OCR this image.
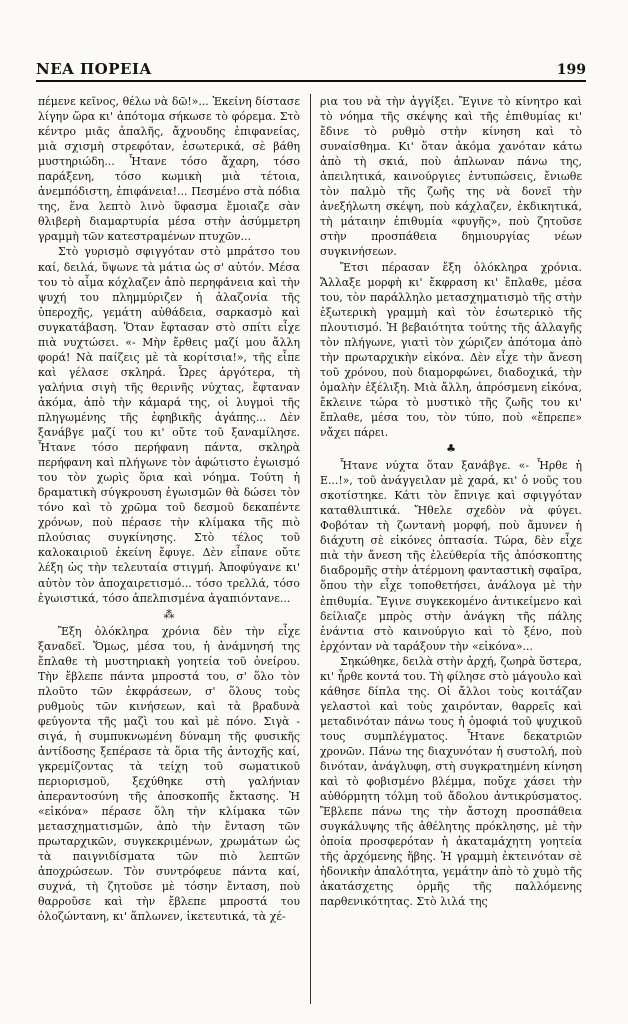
ΝΕΑ ΠΟΡΕΙΑ	199

πέμενε κεῖνος, θέλω νὰ δῶ!»... Ἐκείνη δίστασε λίγην ὥρα κι' ἀπότομα σήκωσε τὸ φόρεμα. Στὸ κέντρο μιᾶς ἀπαλῆς, ἄχνουδης ἐπιφανείας, μιὰ σχισμὴ στρεφόταν, ἐσωτερικά, σὲ βάθη μυστηριώδη... Ἦτανε τόσο ἄχαρη, τόσο παράξενη, τόσο κωμικὴ μιὰ τέτοια, ἀνεμπόδιστη, ἐπιφάνεια!... Πεσμένο στὰ πόδια της, ἕνα λεπτὸ λινὸ ὕφασμα ἔμοιαζε σὰν θλιβερὴ διαμαρτυρία μέσα στὴν ἀσύμμετρη γραμμὴ τῶν κατεστραμένων πτυχῶν...

Στὸ γυρισμὸ σφιγγόταν στὸ μπράτσο του καί, δειλά, ὕψωνε τὰ μάτια ὡς σ' αὐτόν. Μέσα του τὸ αἷμα κόχλαζεν ἀπὸ περηφάνεια καὶ τὴν ψυχή του πλημμύριζεν ἡ ἀλαζονία τῆς ὑπεροχῆς, γεμάτη αὐθάδεια, σαρκασμὸ καὶ συγκατάβαση. Ὅταν ἔφτασαν στὸ σπίτι εἶχε πιὰ νυχτώσει. «- Μὴν ἔρθεις μαζί μου ἄλλη φορά! Νὰ παίζεις μὲ τὰ κορίτσια!», τῆς εἶπε καὶ γέλασε σκληρά. Ὧρες ἀργότερα, τὴ γαλήνια σιγὴ τῆς θερινῆς νύχτας, ἔφταναν ἀκόμα, ἀπὸ τὴν κάμαρά της, οἱ λυγμοὶ τῆς πληγωμένης τῆς ἐφηβικῆς ἀγάπης... Δὲν ξανάβγε μαζί του κι' οὔτε τοῦ ξαναμίλησε. Ἦτανε τόσο περήφανη πάντα, σκληρὰ περήφανη καὶ πλήγωνε τὸν ἀφώτιστο ἐγωισμό του τὸν χωρὶς ὅρια καὶ νόημα. Τούτη ἡ δραματικὴ σύγκρουση ἐγωισμῶν θὰ δώσει τὸν τόνο καὶ τὸ χρῶμα τοῦ δεσμοῦ δεκαπέντε χρόνων, ποὺ πέρασε τὴν κλίμακα τῆς πιὸ πλούσιας συγκίνησης. Στὸ τέλος τοῦ καλοκαιριοῦ ἐκείνη ἔφυγε. Δὲν εἶπανε οὔτε λέξη ὡς τὴν τελευταία στιγμή. Ἀποφύγανε κι' αὐτὸν τὸν ἀποχαιρετισμό... τόσο τρελλά, τόσο ἐγωιστικά, τόσο ἀπελπισμένα ἀγαπιόντανε...

⁂

Ἔξη ὁλόκληρα χρόνια δὲν τὴν εἶχε ξαναδεῖ. Ὅμως, μέσα του, ἡ ἀνάμνησή της ἔπλαθε τὴ μυστηριακὴ γοητεία τοῦ ὀνείρου. Τὴν ἔβλεπε πάντα μπροστά του, σ' ὅλο τὸν πλοῦτο τῶν ἐκφράσεων, σ' ὅλους τοὺς ρυθμοὺς τῶν κινήσεων, καὶ τὰ βραδυνὰ φεύγοντα τῆς μαζὶ του καὶ μὲ πόνο. Σιγὰ - σιγά, ἡ συμπυκνωμένη δύναμη τῆς φυσικῆς ἀντίδοσης ξεπέρασε τὰ ὅρια τῆς ἀντοχῆς καί, γκρεμίζοντας τὰ τείχη τοῦ σωματικοῦ περιορισμοῦ, ξεχύθηκε στὴ γαλήνιαν ἀπεραντοσύνη τῆς ἀποσκοπῆς ἔκτασης. Ἡ «εἰκόνα» πέρασε ὅλη τὴν κλίμακα τῶν μετασχηματισμῶν, ἀπὸ τὴν ἔνταση τῶν πρωταρχικῶν, συγκεκριμένων, χρωμάτων ὡς τὰ παιγνιδίσματα τῶν πιὸ λεπτῶν ἀποχρώσεων. Τὸν συντρόφευε πάντα καί, συχνά, τὴ ζητοῦσε μὲ τόσην ἔνταση, ποὺ θαρροῦσε καὶ τὴν ἔβλεπε μπροστά του ὁλοζώντανη, κι' ἅπλωνεν, ἱκετευτικά, τὰ χέ-

ρια του νὰ τὴν ἀγγίξει. Ἔγινε τὸ κίνητρο καὶ τὸ νόημα τῆς σκέψης καὶ τῆς ἐπιθυμίας κι' ἔδινε τὸ ρυθμὸ στὴν κίνηση καὶ τὸ συναίσθημα. Κι' ὅταν ἀκόμα χανόταν κάτω ἀπὸ τὴ σκιά, ποὺ ἁπλωναν πάνω της, ἀπειλητικά, καινούργιες ἐντυπώσεις, ἔνιωθε τὸν παλμὸ τῆς ζωῆς της νὰ δονεῖ τὴν ἀνεξήλωτη σκέψη, ποὺ κάχλαζεν, ἐκδικητικά, τὴ μάταιην ἐπιθυμία «φυγῆς», ποὺ ζητοῦσε στὴν προσπάθεια δημιουργίας νέων συγκινήσεων.

Ἔτσι πέρασαν ἔξη ὁλόκληρα χρόνια. Ἄλλαξε μορφὴ κι' ἔκφραση κι' ἔπλαθε, μέσα του, τὸν παράλληλο μετασχηματισμὸ τῆς στὴν ἐξωτερικὴ γραμμὴ καὶ τὸν ἐσωτερικὸ τῆς πλουτισμό. Ἡ βεβαιότητα τούτης τῆς ἀλλαγῆς τὸν πλήγωνε, γιατὶ τὸν χώριζεν ἀπότομα ἀπὸ τὴν πρωταρχικὴν εἰκόνα. Δὲν εἶχε τὴν ἄνεση τοῦ χρόνου, ποὺ διαμορφώνει, διαδοχικά, τὴν ὁμαλὴν ἐξέλιξη. Μιὰ ἄλλη, ἀπρόσμενη εἰκόνα, ἔκλεινε τώρα τὸ μυστικὸ τῆς ζωῆς του κι' ἔπλαθε, μέσα του, τὸν τύπο, ποὺ «ἔπρεπε» νἄχει πάρει.

♣

Ἦτανε νύχτα ὅταν ξανάβγε. «- Ἦρθε ἡ Ε...!», τοῦ ἀνάγγειλαν μὲ χαρά, κι' ὁ νοῦς του σκοτίστηκε. Κάτι τὸν ἔπνιγε καὶ σφιγγόταν καταθλιπτικά. Ἤθελε σχεδὸν νὰ φύγει. Φοβόταν τὴ ζωντανὴ μορφή, ποὺ ἄμυνεν ἡ διάχυτη σὲ εἰκόνες ὀπτασία. Τώρα, δὲν εἶχε πιὰ τὴν ἄνεση τῆς ἐλεύθερία τῆς ἀπόσκοπτης διαδρομῆς στὴν ἀτέρμονη φανταστικὴ σφαῖρα, ὅπου τὴν εἶχε τοποθετήσει, ἀνάλογα μὲ τὴν ἐπιθυμία. Ἔγινε συγκεκομένο ἀντικείμενο καὶ δείλιαζε μπρὸς στὴν ἀνάγκη τῆς πάλης ἐνάντια στὸ καινούργιο καὶ τὸ ξένο, ποὺ ἐρχόνταν νὰ ταράξουν τὴν «εἰκόνα»...

Σηκώθηκε, δειλὰ στὴν ἀρχή, ζωηρὰ ὕστερα, κι' ἦρθε κοντά του. Τὴ φίλησε στὸ μάγουλο καὶ κάθησε δίπλα της. Οἱ ἄλλοι τοὺς κοιτάζαν γελαστοὶ καὶ τοὺς χαιρόνταν, θαρρεῖς καὶ μεταδινόταν πάνω τους ἡ ὁμοφιά τοῦ ψυχικοῦ τους συμπλέγματος. Ἦτανε δεκατριῶν χρονῶν. Πάνω της διαχυνόταν ἡ συστολή, ποὺ δινόταν, ἀνάγλυφη, στὴ συγκρατημένη κίνηση καὶ τὸ φοβισμένο βλέμμα, ποὔχε χάσει τὴν αὐθόρμητη τόλμη τοῦ ἄδολου ἀντικρύσματος. Ἔβλεπε πάνω της τὴν ἄστοχη προσπάθεια συγκάλυψης τῆς ἀθέλητης πρόκλησης, μὲ τὴν ὁποία προσφερόταν ἡ ἀκαταμάχητη γοητεία τῆς ἀρχόμενης ἥβης. Ἡ γραμμὴ ἐκτεινόταν σὲ ἡδονικὴν ἀπαλότητα, γεμάτην ἀπὸ τὸ χυμὸ τῆς ἀκατάσχετης ὁρμῆς τῆς παλλόμενης παρθενικότητας. Στὸ λιλά της
